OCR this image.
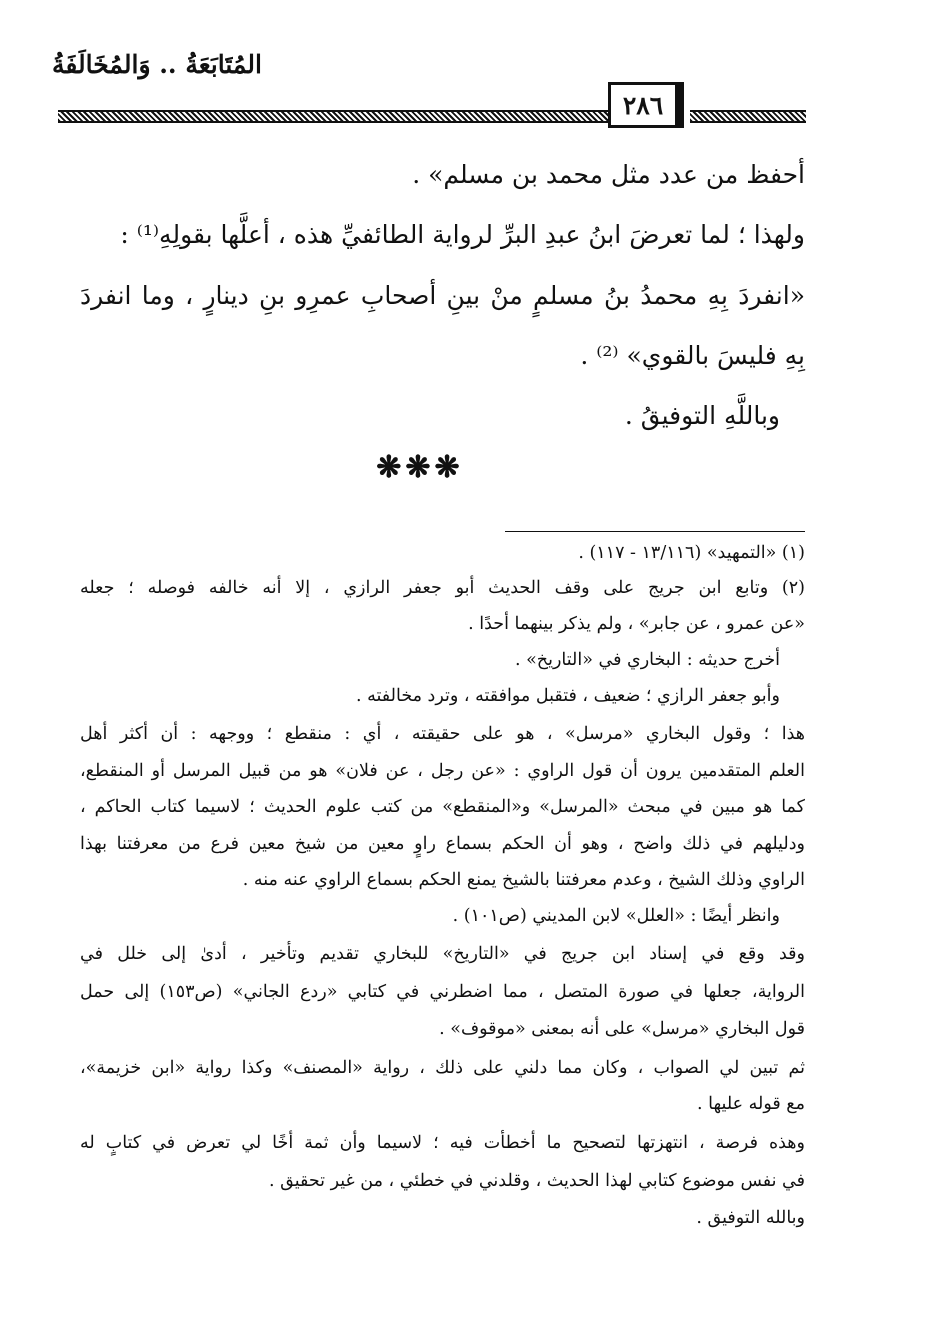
المُتَابَعَةُ .. وَالمُخَالَفَةُ
٢٨٦
أحفظ من عدد مثل محمد بن مسلم» .
ولهذا ؛ لما تعرضَ ابنُ عبدِ البرِّ لرواية الطائفيِّ هذه ، أعلَّها بقولِهِ⁽¹⁾ :
«انفردَ بِهِ محمدُ بنُ مسلمٍ منْ بينِ أصحابِ عمرِو بنِ دينارٍ ، وما انفردَ
بِهِ فليسَ بالقوي» ⁽²⁾ .
وباللَّهِ التوفيقُ .
❋❋❋
(١) «التمهيد» (١٣/١١٦ - ١١٧) .
(٢) وتابع ابن جريج على وقف الحديث أبو جعفر الرازي ، إلا أنه خالفه فوصله ؛ جعله
«عن عمرو ، عن جابر» ، ولم يذكر بينهما أحدًا .
أخرج حديثه : البخاري في «التاريخ» .
وأبو جعفر الرازي ؛ ضعيف ، فتقبل موافقته ، وترد مخالفته .
هذا ؛ وقول البخاري «مرسل» ، هو على حقيقته ، أي : منقطع ؛ ووجهه : أن أكثر أهل
العلم المتقدمين يرون أن قول الراوي : «عن رجل ، عن فلان» هو من قبيل المرسل أو المنقطع،
كما هو مبين في مبحث «المرسل» و«المنقطع» من كتب علوم الحديث ؛ لاسيما كتاب الحاكم ،
ودليلهم في ذلك واضح ، وهو أن الحكم بسماع راوٍ معين من شيخ معين فرع من معرفتنا بهذا
الراوي وذلك الشيخ ، وعدم معرفتنا بالشيخ يمنع الحكم بسماع الراوي عنه منه .
وانظر أيضًا : «العلل» لابن المديني (ص١٠١) .
وقد وقع في إسناد ابن جريج في «التاريخ» للبخاري تقديم وتأخير ، أدىٰ إلى خلل في
الرواية، جعلها في صورة المتصل ، مما اضطرني في كتابي «ردع الجاني» (ص١٥٣) إلى حمل
قول البخاري «مرسل» على أنه بمعنى «موقوف» .
ثم تبين لي الصواب ، وكان مما دلني على ذلك ، رواية «المصنف» وكذا رواية «ابن خزيمة»،
مع قوله عليها .
وهذه فرصة ، انتهزتها لتصحيح ما أخطأت فيه ؛ لاسيما وأن ثمة أخًا لي تعرض في كتابٍ له
في نفس موضوع كتابي لهذا الحديث ، وقلدني في خطئي ، من غير تحقيق .
وبالله التوفيق .
